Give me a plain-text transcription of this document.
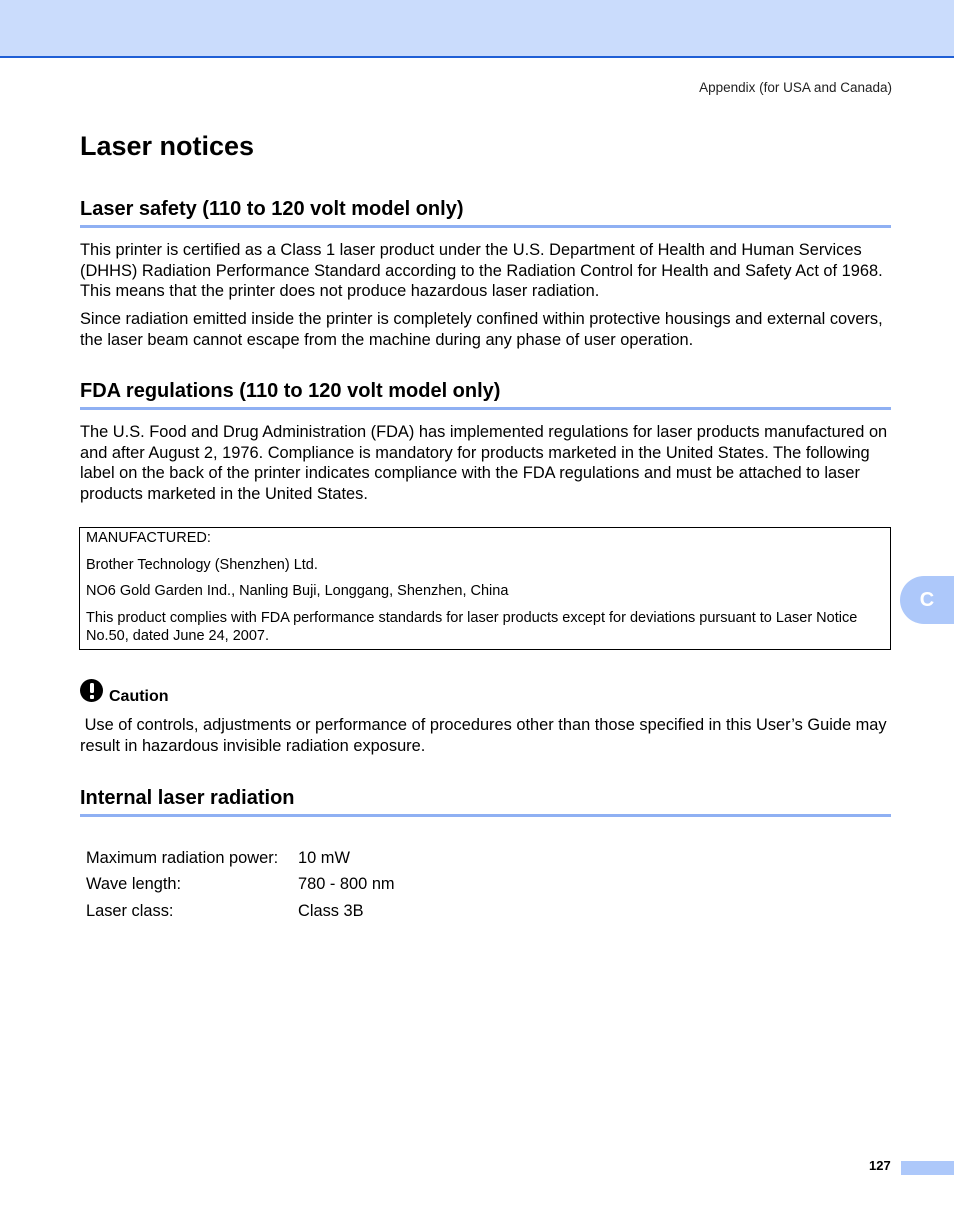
Appendix (for USA and Canada)
Laser notices
Laser safety (110 to 120 volt model only)

This printer is certified as a Class 1 laser product under the U.S. Department of Health and Human Services (DHHS) Radiation Performance Standard according to the Radiation Control for Health and Safety Act of 1968. This means that the printer does not produce hazardous laser radiation.

Since radiation emitted inside the printer is completely confined within protective housings and external covers, the laser beam cannot escape from the machine during any phase of user operation.

FDA regulations (110 to 120 volt model only)

The U.S. Food and Drug Administration (FDA) has implemented regulations for laser products manufactured on and after August 2, 1976. Compliance is mandatory for products marketed in the United States. The following label on the back of the printer indicates compliance with the FDA regulations and must be attached to laser products marketed in the United States.

MANUFACTURED:

Brother Technology (Shenzhen) Ltd.

NO6 Gold Garden Ind., Nanling Buji, Longgang, Shenzhen, China

This product complies with FDA performance standards for laser products except for deviations pursuant to Laser Notice No.50, dated June 24, 2007.

C
Caution

Use of controls, adjustments or performance of procedures other than those specified in this User’s Guide may result in hazardous invisible radiation exposure.

Internal laser radiation
Maximum radiation power:	10 mW
Wave length:	780 - 800 nm
Laser class:	Class 3B
127
